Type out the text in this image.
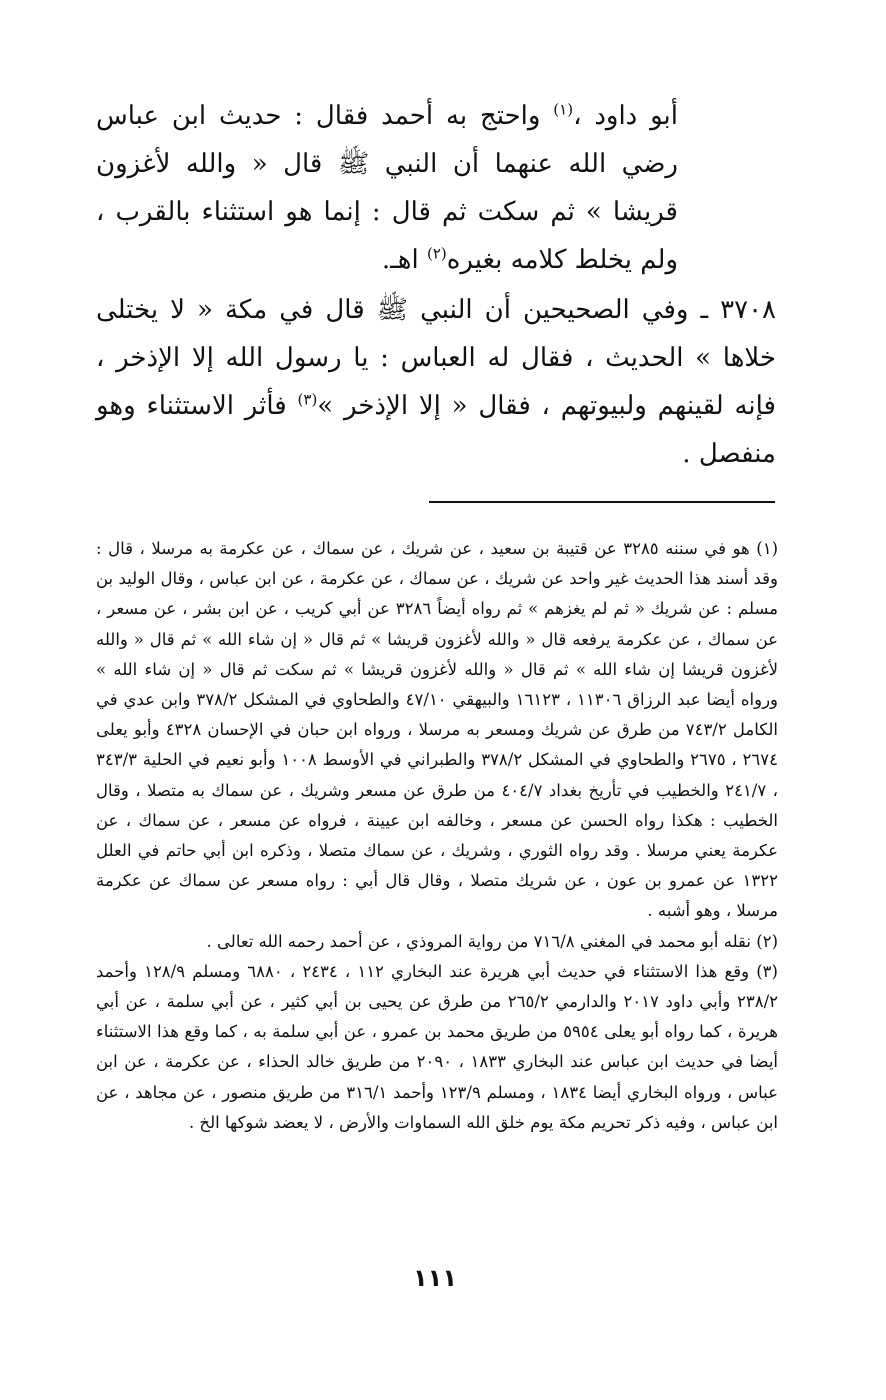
أبو داود ،$^{(١)}$ واحتج به أحمد فقال : حديث ابن عباس رضي الله عنهما أن النبي ﷺ قال « والله لأغزون قريشا » ثم سكت ثم قال : إنما هو استثناء بالقرب ، ولم يخلط كلامه بغيره$^{(٢)}$ اهـ.

٣٧٠٨ ـ وفي الصحيحين أن النبي ﷺ قال في مكة « لا يختلى خلاها » الحديث ، فقال له العباس : يا رسول الله إلا الإذخر ، فإنه لقينهم ولبيوتهم ، فقال « إلا الإذخر »$^{(٣)}$ فأثر الاستثناء وهو منفصل .

(١) هو في سننه ٣٢٨٥ عن قتيبة بن سعيد ، عن شريك ، عن سماك ، عن عكرمة به مرسلا ، قال : وقد أسند هذا الحديث غير واحد عن شريك ، عن سماك ، عن عكرمة ، عن ابن عباس ، وقال الوليد بن مسلم : عن شريك « ثم لم يغزهم » ثم رواه أيضاً ٣٢٨٦ عن أبي كريب ، عن ابن بشر ، عن مسعر ، عن سماك ، عن عكرمة يرفعه قال « والله لأغزون قريشا » ثم قال « إن شاء الله » ثم قال « والله لأغزون قريشا إن شاء الله » ثم قال « والله لأغزون قريشا » ثم سكت ثم قال « إن شاء الله » ورواه أيضا عبد الرزاق ١١٣٠٦ ، ١٦١٢٣ والبيهقي ٤٧/١٠ والطحاوي في المشكل ٣٧٨/٢ وابن عدي في الكامل ٧٤٣/٢ من طرق عن شريك ومسعر به مرسلا ، ورواه ابن حبان في الإحسان ٤٣٢٨ وأبو يعلى ٢٦٧٤ ، ٢٦٧٥ والطحاوي في المشكل ٣٧٨/٢ والطبراني في الأوسط ١٠٠٨ وأبو نعيم في الحلية ٣٤٣/٣ ، ٢٤١/٧ والخطيب في تأريخ بغداد ٤٠٤/٧ من طرق عن مسعر وشريك ، عن سماك به متصلا ، وقال الخطيب : هكذا رواه الحسن عن مسعر ، وخالفه ابن عيينة ، فرواه عن مسعر ، عن سماك ، عن عكرمة يعني مرسلا . وقد رواه الثوري ، وشريك ، عن سماك متصلا ، وذكره ابن أبي حاتم في العلل ١٣٢٢ عن عمرو بن عون ، عن شريك متصلا ، وقال قال أبي : رواه مسعر عن سماك عن عكرمة مرسلا ، وهو أشبه .

(٢) نقله أبو محمد في المغني ٧١٦/٨ من رواية المروذي ، عن أحمد رحمه الله تعالى .

(٣) وقع هذا الاستثناء في حديث أبي هريرة عند البخاري ١١٢ ، ٢٤٣٤ ، ٦٨٨٠ ومسلم ١٢٨/٩ وأحمد ٢٣٨/٢ وأبي داود ٢٠١٧ والدارمي ٢٦٥/٢ من طرق عن يحيى بن أبي كثير ، عن أبي سلمة ، عن أبي هريرة ، كما رواه أبو يعلى ٥٩٥٤ من طريق محمد بن عمرو ، عن أبي سلمة به ، كما وقع هذا الاستثناء أيضا في حديث ابن عباس عند البخاري ١٨٣٣ ، ٢٠٩٠ من طريق خالد الحذاء ، عن عكرمة ، عن ابن عباس ، ورواه البخاري أيضا ١٨٣٤ ، ومسلم ١٢٣/٩ وأحمد ٣١٦/١ من طريق منصور ، عن مجاهد ، عن ابن عباس ، وفيه ذكر تحريم مكة يوم خلق الله السماوات والأرض ، لا يعضد شوكها الخ .

١١١
